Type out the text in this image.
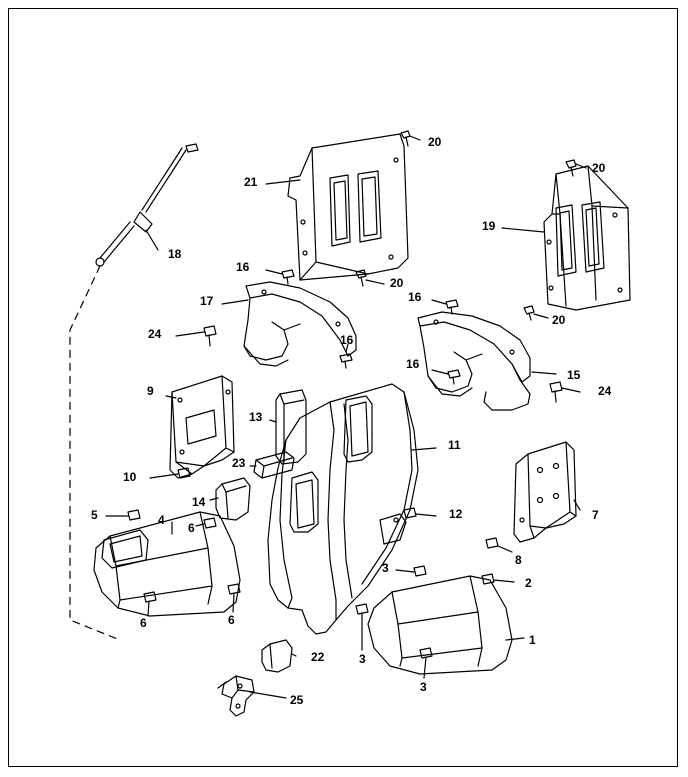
20
21
20
19
18
16
20
17	16
20
24	16
16
15
24
9
13
11
23
10
14
7
5
6
4	12
8
3
2
6	6
1
3
22
3
25
